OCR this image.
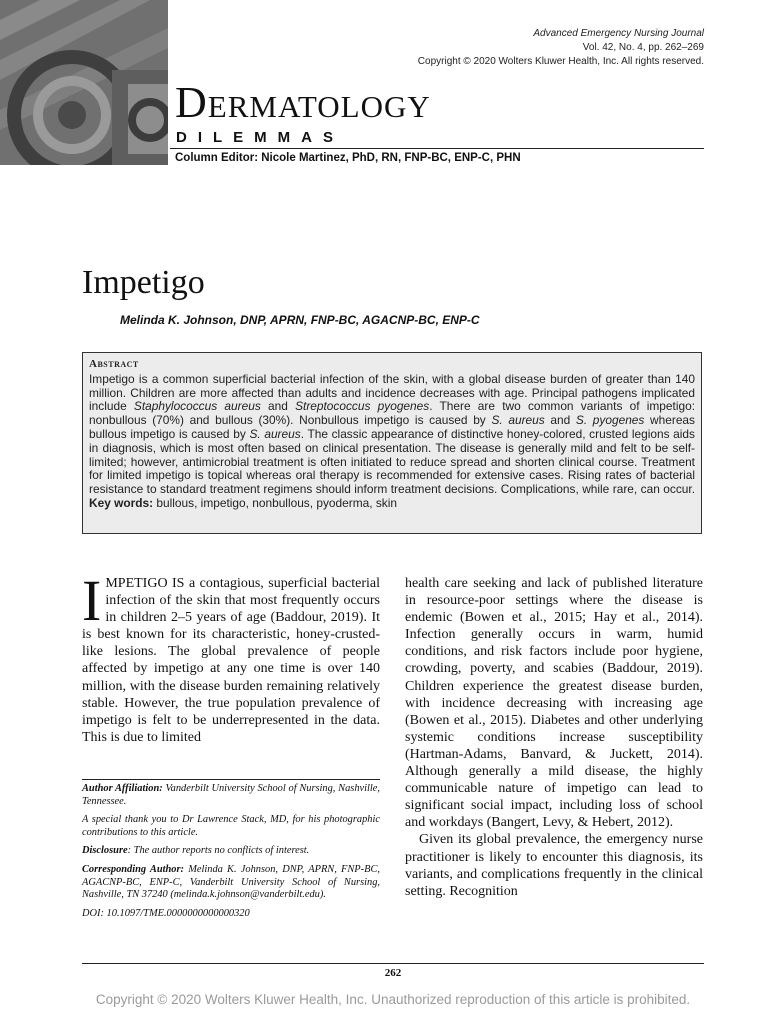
Advanced Emergency Nursing Journal
Vol. 42, No. 4, pp. 262–269
Copyright © 2020 Wolters Kluwer Health, Inc. All rights reserved.
Dermatology
DILEMMAS
Column Editor: Nicole Martinez, PhD, RN, FNP-BC, ENP-C, PHN
Impetigo
Melinda K. Johnson, DNP, APRN, FNP-BC, AGACNP-BC, ENP-C
Abstract
Impetigo is a common superficial bacterial infection of the skin, with a global disease burden of greater than 140 million. Children are more affected than adults and incidence decreases with age. Principal pathogens implicated include Staphylococcus aureus and Streptococcus pyogenes. There are two common variants of impetigo: nonbullous (70%) and bullous (30%). Nonbullous impetigo is caused by S. aureus and S. pyogenes whereas bullous impetigo is caused by S. aureus. The classic appearance of distinctive honey-colored, crusted legions aids in diagnosis, which is most often based on clinical presentation. The disease is generally mild and felt to be self-limited; however, antimicrobial treatment is often initiated to reduce spread and shorten clinical course. Treatment for limited impetigo is topical whereas oral therapy is recommended for extensive cases. Rising rates of bacterial resistance to standard treatment regimens should inform treatment decisions. Complications, while rare, can occur. Key words: bullous, impetigo, nonbullous, pyoderma, skin

IMPETIGO IS a contagious, superficial bacterial infection of the skin that most frequently occurs in children 2–5 years of age (Baddour, 2019). It is best known for its characteristic, honey-crusted-like lesions. The global prevalence of people affected by impetigo at any one time is over 140 million, with the disease burden remaining relatively stable. However, the true population prevalence of impetigo is felt to be underrepresented in the data. This is due to limited

health care seeking and lack of published literature in resource-poor settings where the disease is endemic (Bowen et al., 2015; Hay et al., 2014). Infection generally occurs in warm, humid conditions, and risk factors include poor hygiene, crowding, poverty, and scabies (Baddour, 2019). Children experience the greatest disease burden, with incidence decreasing with increasing age (Bowen et al., 2015). Diabetes and other underlying systemic conditions increase susceptibility (Hartman-Adams, Banvard, & Juckett, 2014). Although generally a mild disease, the highly communicable nature of impetigo can lead to significant social impact, including loss of school and workdays (Bangert, Levy, & Hebert, 2012).

Given its global prevalence, the emergency nurse practitioner is likely to encounter this diagnosis, its variants, and complications frequently in the clinical setting. Recognition

Author Affiliation: Vanderbilt University School of Nursing, Nashville, Tennessee.

A special thank you to Dr Lawrence Stack, MD, for his photographic contributions to this article.

Disclosure: The author reports no conflicts of interest.

Corresponding Author: Melinda K. Johnson, DNP, APRN, FNP-BC, AGACNP-BC, ENP-C, Vanderbilt University School of Nursing, Nashville, TN 37240 (melinda.k.johnson@vanderbilt.edu).

DOI: 10.1097/TME.0000000000000320

262
Copyright © 2020 Wolters Kluwer Health, Inc. Unauthorized reproduction of this article is prohibited.
